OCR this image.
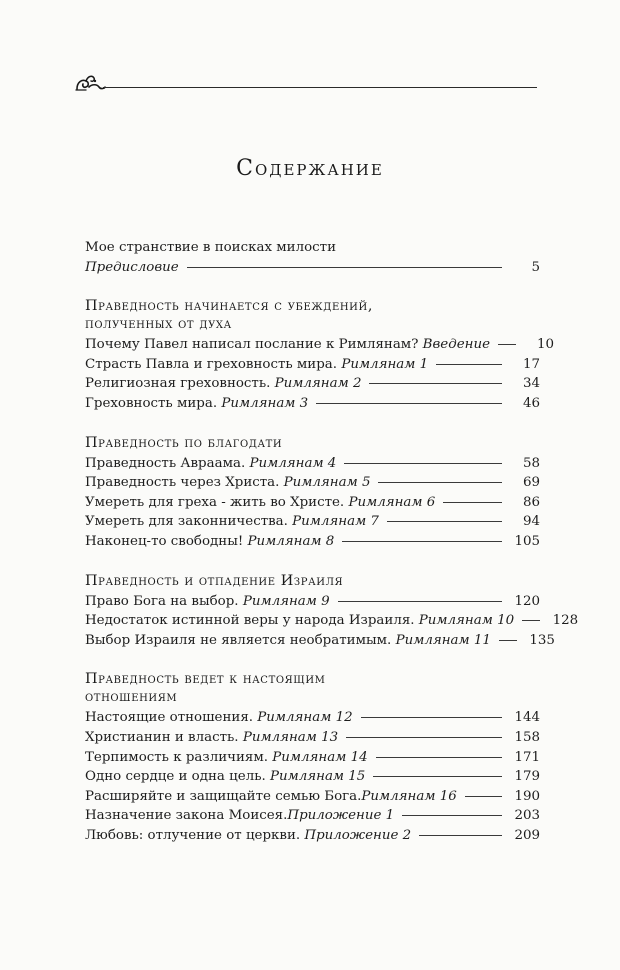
Содержание
Мое странствие в поисках милости
Предисловие	5
Праведность начинается с убеждений,
полученных от духа
Почему Павел написал послание к Римлянам? Введение	10
Страсть Павла и греховность мира. Римлянам 1	17
Религиозная греховность. Римлянам 2	34
Греховность мира. Римлянам 3	46
Праведность по благодати
Праведность Авраама. Римлянам 4	58
Праведность через Христа. Римлянам 5	69
Умереть для греха - жить во Христе. Римлянам 6	86
Умереть для законничества. Римлянам 7	94
Наконец-то свободны! Римлянам 8	105
Праведность и отпадение Израиля
Право Бога на выбор. Римлянам 9	120
Недостаток истинной веры у народа Израиля. Римлянам 10	128
Выбор Израиля не является необратимым. Римлянам 11	135
Праведность ведет к настоящим
отношениям
Настоящие отношения. Римлянам 12	144
Христианин и власть. Римлянам 13	158
Терпимость к различиям. Римлянам 14	171
Одно сердце и одна цель. Римлянам 15	179
Расширяйте и защищайте семью Бога.Римлянам 16	190
Назначение закона Моисея.Приложение 1	203
Любовь: отлучение от церкви. Приложение 2	209
